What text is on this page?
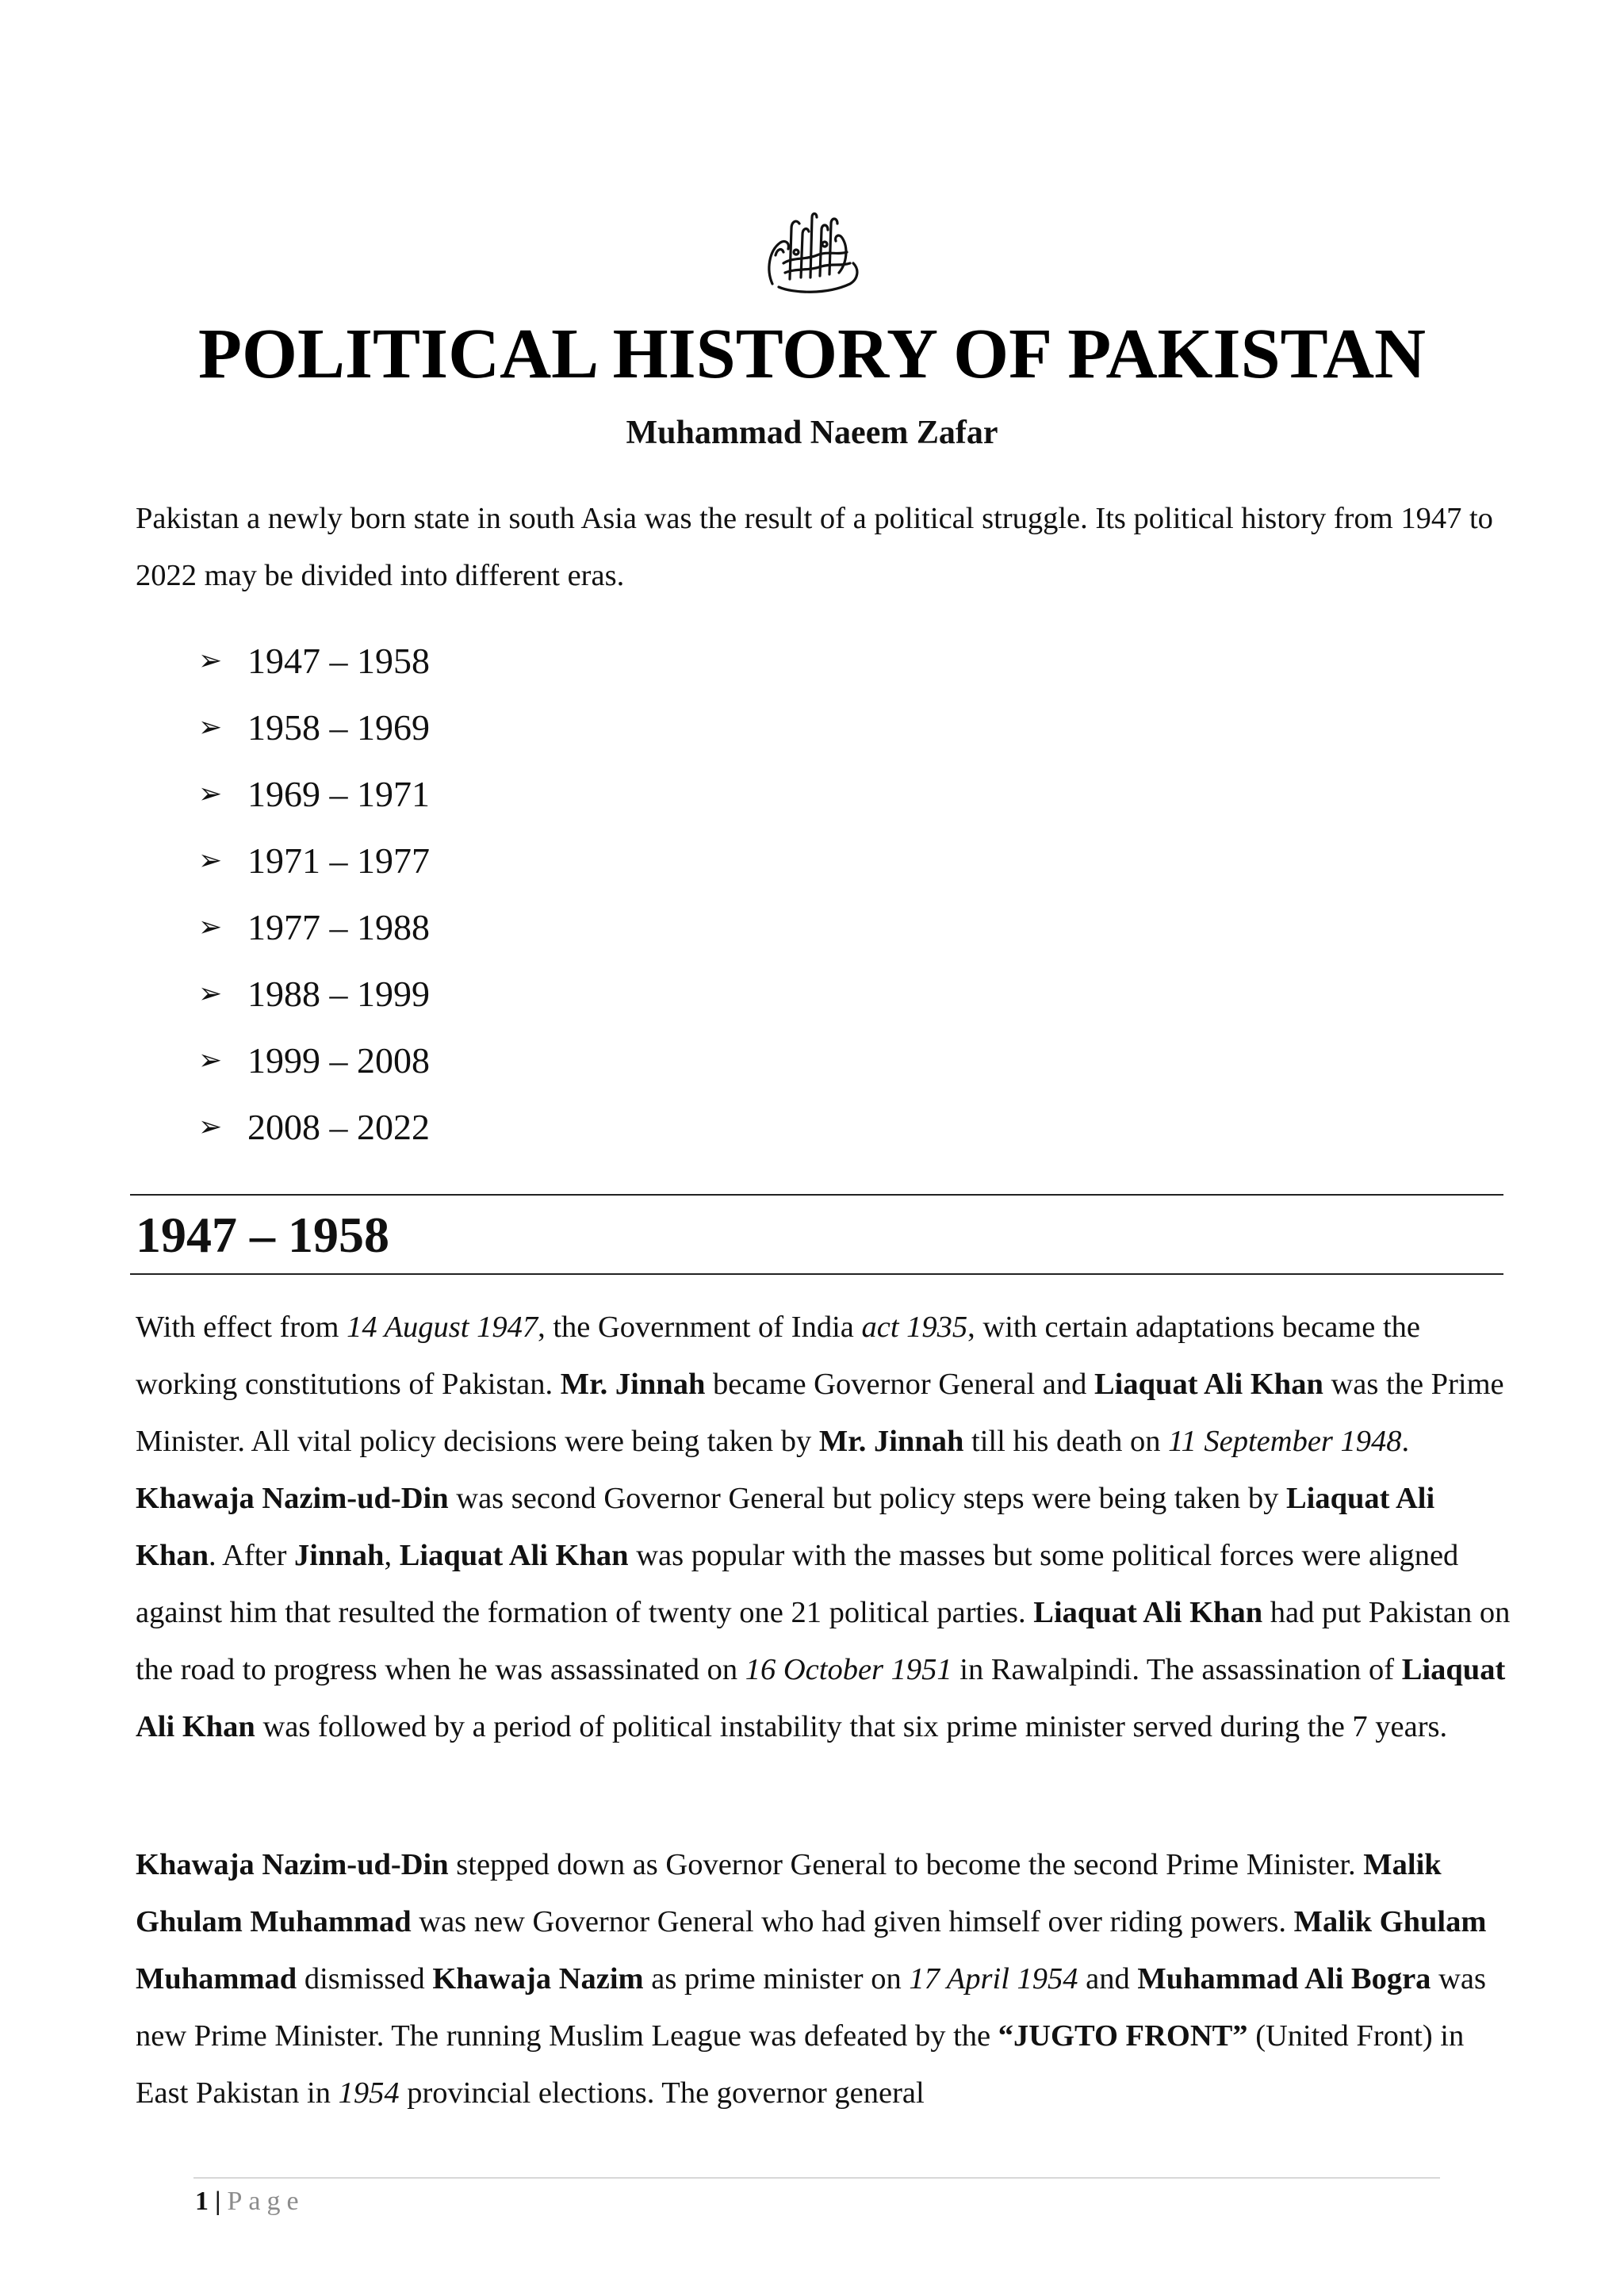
POLITICAL HISTORY OF PAKISTAN
Muhammad Naeem Zafar

Pakistan a newly born state in south Asia was the result of a political struggle. Its political history from 1947 to 2022 may be divided into different eras.

➢ 1947 – 1958
➢ 1958 – 1969
➢ 1969 – 1971
➢ 1971 – 1977
➢ 1977 – 1988
➢ 1988 – 1999
➢ 1999 – 2008
➢ 2008 – 2022
1947 – 1958

With effect from 14 August 1947, the Government of India act 1935, with certain adaptations became the working constitutions of Pakistan. Mr. Jinnah became Governor General and Liaquat Ali Khan was the Prime Minister. All vital policy decisions were being taken by Mr. Jinnah till his death on 11 September 1948. Khawaja Nazim-ud-Din was second Governor General but policy steps were being taken by Liaquat Ali Khan. After Jinnah, Liaquat Ali Khan was popular with the masses but some political forces were aligned against him that resulted the formation of twenty one 21 political parties. Liaquat Ali Khan had put Pakistan on the road to progress when he was assassinated on 16 October 1951 in Rawalpindi. The assassination of Liaquat Ali Khan was followed by a period of political instability that six prime minister served during the 7 years.

Khawaja Nazim-ud-Din stepped down as Governor General to become the second Prime Minister. Malik Ghulam Muhammad was new Governor General who had given himself over riding powers. Malik Ghulam Muhammad dismissed Khawaja Nazim as prime minister on 17 April 1954 and Muhammad Ali Bogra was new Prime Minister. The running Muslim League was defeated by the “JUGTO FRONT” (United Front) in East Pakistan in 1954 provincial elections. The governor general

1 | Page
